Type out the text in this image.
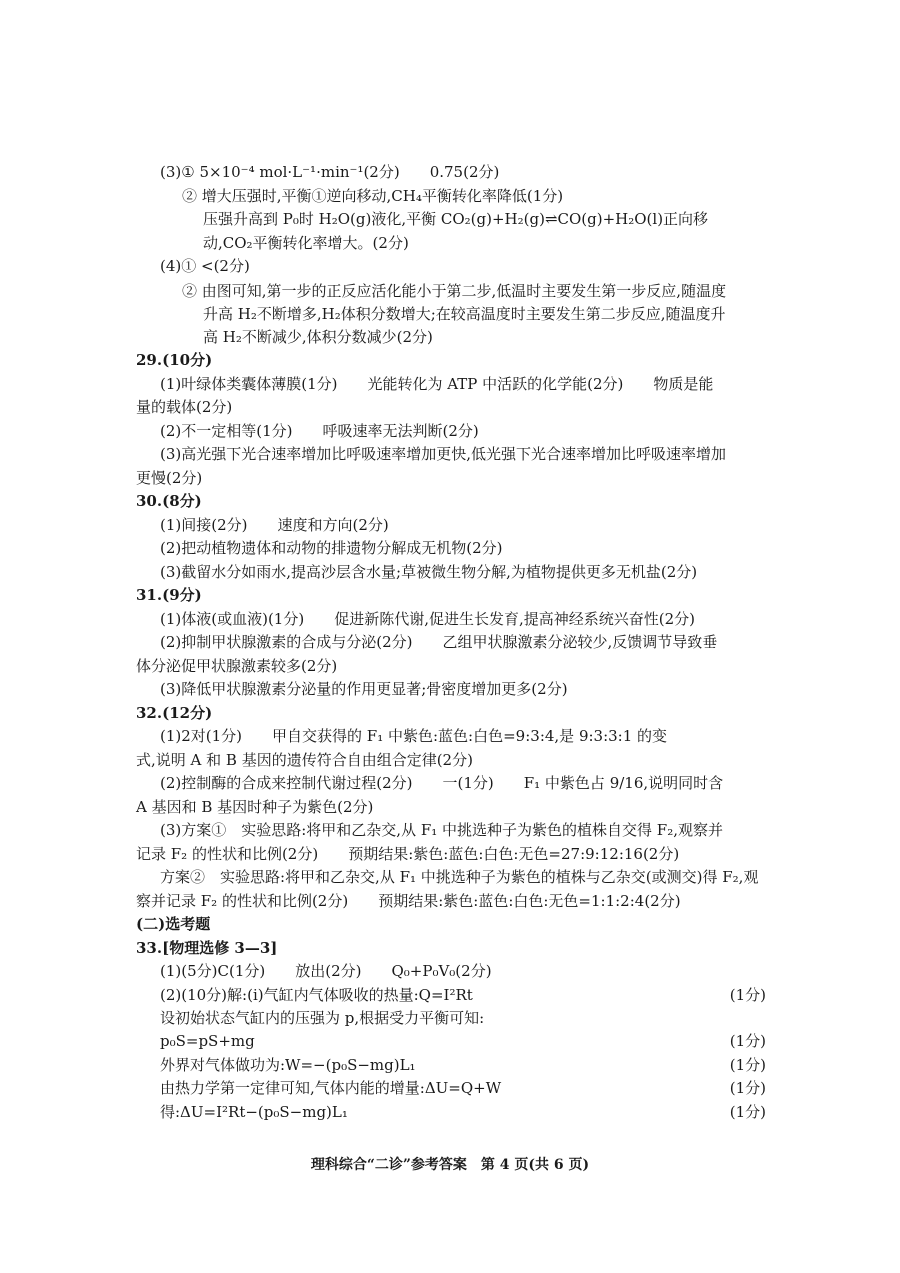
(3)① 5×10⁻⁴ mol·L⁻¹·min⁻¹(2分)　　0.75(2分)
② 增大压强时,平衡①逆向移动,CH₄平衡转化率降低(1分)
压强升高到 P₀时 H₂O(g)液化,平衡 CO₂(g)+H₂(g)⇌CO(g)+H₂O(l)正向移
动,CO₂平衡转化率增大。(2分)
(4)① <(2分)
② 由图可知,第一步的正反应活化能小于第二步,低温时主要发生第一步反应,随温度
升高 H₂不断增多,H₂体积分数增大;在较高温度时主要发生第二步反应,随温度升
高 H₂不断减少,体积分数减少(2分)
29.(10分)
(1)叶绿体类囊体薄膜(1分)　　光能转化为 ATP 中活跃的化学能(2分)　　物质是能
量的载体(2分)
(2)不一定相等(1分)　　呼吸速率无法判断(2分)
(3)高光强下光合速率增加比呼吸速率增加更快,低光强下光合速率增加比呼吸速率增加
更慢(2分)
30.(8分)
(1)间接(2分)　　速度和方向(2分)
(2)把动植物遗体和动物的排遗物分解成无机物(2分)
(3)截留水分如雨水,提高沙层含水量;草被微生物分解,为植物提供更多无机盐(2分)
31.(9分)
(1)体液(或血液)(1分)　　促进新陈代谢,促进生长发育,提高神经系统兴奋性(2分)
(2)抑制甲状腺激素的合成与分泌(2分)　　乙组甲状腺激素分泌较少,反馈调节导致垂
体分泌促甲状腺激素较多(2分)
(3)降低甲状腺激素分泌量的作用更显著;骨密度增加更多(2分)
32.(12分)
(1)2对(1分)　　甲自交获得的 F₁ 中紫色:蓝色:白色=9:3:4,是 9:3:3:1 的变
式,说明 A 和 B 基因的遗传符合自由组合定律(2分)
(2)控制酶的合成来控制代谢过程(2分)　　一(1分)　　F₁ 中紫色占 9/16,说明同时含
A 基因和 B 基因时种子为紫色(2分)
(3)方案①　实验思路:将甲和乙杂交,从 F₁ 中挑选种子为紫色的植株自交得 F₂,观察并
记录 F₂ 的性状和比例(2分)　　预期结果:紫色:蓝色:白色:无色=27:9:12:16(2分)
方案②　实验思路:将甲和乙杂交,从 F₁ 中挑选种子为紫色的植株与乙杂交(或测交)得 F₂,观
察并记录 F₂ 的性状和比例(2分)　　预期结果:紫色:蓝色:白色:无色=1:1:2:4(2分)
(二)选考题
33.[物理选修 3—3]
(1)(5分)C(1分)　　放出(2分)　　Q₀+P₀V₀(2分)
(2)(10分)解:(i)气缸内气体吸收的热量:Q=I²Rt	(1分)
设初始状态气缸内的压强为 p,根据受力平衡可知:
p₀S=pS+mg	(1分)
外界对气体做功为:W=−(p₀S−mg)L₁	(1分)
由热力学第一定律可知,气体内能的增量:ΔU=Q+W	(1分)
得:ΔU=I²Rt−(p₀S−mg)L₁	(1分)
理科综合“二诊”参考答案　第 4 页(共 6 页)
